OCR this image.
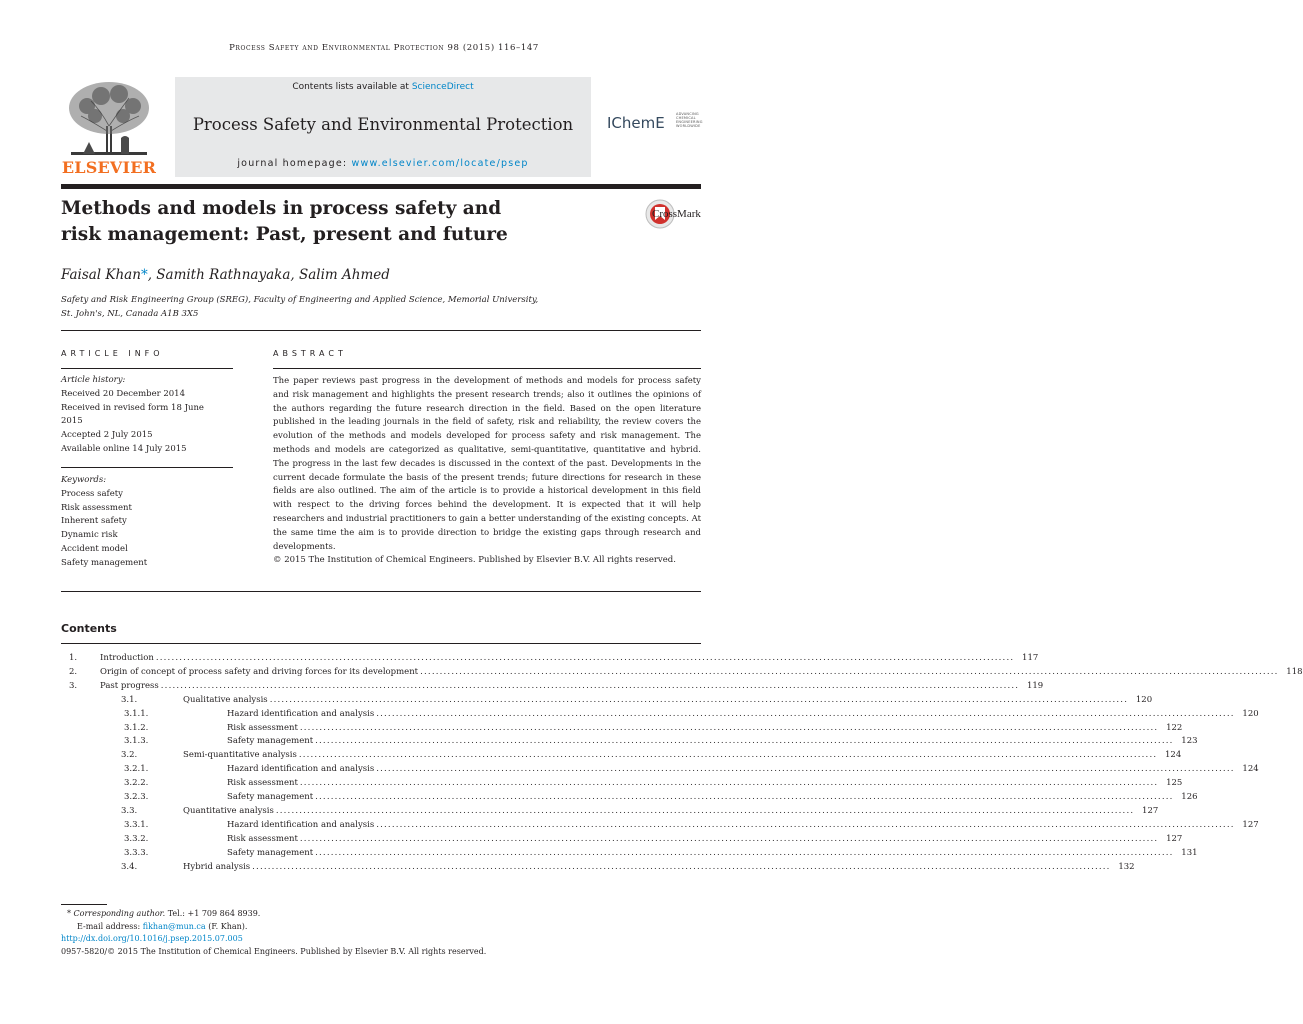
Process Safety and Environmental Protection 98 (2015) 116–147
ELSEVIER
Contents lists available at ScienceDirect
Process Safety and Environmental Protection
journal homepage: www.elsevier.com/locate/psep
IChemE	ADVANCING CHEMICAL ENGINEERING WORLDWIDE
Methods and models in process safety and
risk management: Past, present and future
CrossMark
Faisal Khan*, Samith Rathnayaka, Salim Ahmed
Safety and Risk Engineering Group (SREG), Faculty of Engineering and Applied Science, Memorial University,
St. John's, NL, Canada A1B 3X5
ARTICLE INFO	ABSTRACT
Article history:
Received 20 December 2014
Received in revised form 18 June
2015
Accepted 2 July 2015
Available online 14 July 2015
Keywords:
Process safety
Risk assessment
Inherent safety
Dynamic risk
Accident model
Safety management
The paper reviews past progress in the development of methods and models for process safety and risk management and highlights the present research trends; also it outlines the opinions of the authors regarding the future research direction in the field. Based on the open literature published in the leading journals in the field of safety, risk and reliability, the review covers the evolution of the methods and models developed for process safety and risk management. The methods and models are categorized as qualitative, semi-quantitative, quantitative and hybrid. The progress in the last few decades is discussed in the context of the past. Developments in the current decade formulate the basis of the present trends; future directions for research in these fields are also outlined. The aim of the article is to provide a historical development in this field with respect to the driving forces behind the development. It is expected that it will help researchers and industrial practitioners to gain a better understanding of the existing concepts. At the same time the aim is to provide direction to bridge the existing gaps through research and developments.
© 2015 The Institution of Chemical Engineers. Published by Elsevier B.V. All rights reserved.
Contents
1.	Introduction ............................................................................................................................................................................................................................ 117
2.	Origin of concept of process safety and driving forces for its development ............................................................................................................................................................................................................................ 118
3.	Past progress ............................................................................................................................................................................................................................ 119
3.1.	Qualitative analysis ............................................................................................................................................................................................................................ 120
3.1.1.	Hazard identification and analysis ............................................................................................................................................................................................................................ 120
3.1.2.	Risk assessment ............................................................................................................................................................................................................................ 122
3.1.3.	Safety management ............................................................................................................................................................................................................................ 123
3.2.	Semi-quantitative analysis ............................................................................................................................................................................................................................ 124
3.2.1.	Hazard identification and analysis ............................................................................................................................................................................................................................ 124
3.2.2.	Risk assessment ............................................................................................................................................................................................................................ 125
3.2.3.	Safety management ............................................................................................................................................................................................................................ 126
3.3.	Quantitative analysis ............................................................................................................................................................................................................................ 127
3.3.1.	Hazard identification and analysis ............................................................................................................................................................................................................................ 127
3.3.2.	Risk assessment ............................................................................................................................................................................................................................ 127
3.3.3.	Safety management ............................................................................................................................................................................................................................ 131
3.4.	Hybrid analysis ............................................................................................................................................................................................................................ 132
* Corresponding author. Tel.: +1 709 864 8939.
E-mail address: fikhan@mun.ca (F. Khan).
http://dx.doi.org/10.1016/j.psep.2015.07.005
0957-5820/© 2015 The Institution of Chemical Engineers. Published by Elsevier B.V. All rights reserved.
